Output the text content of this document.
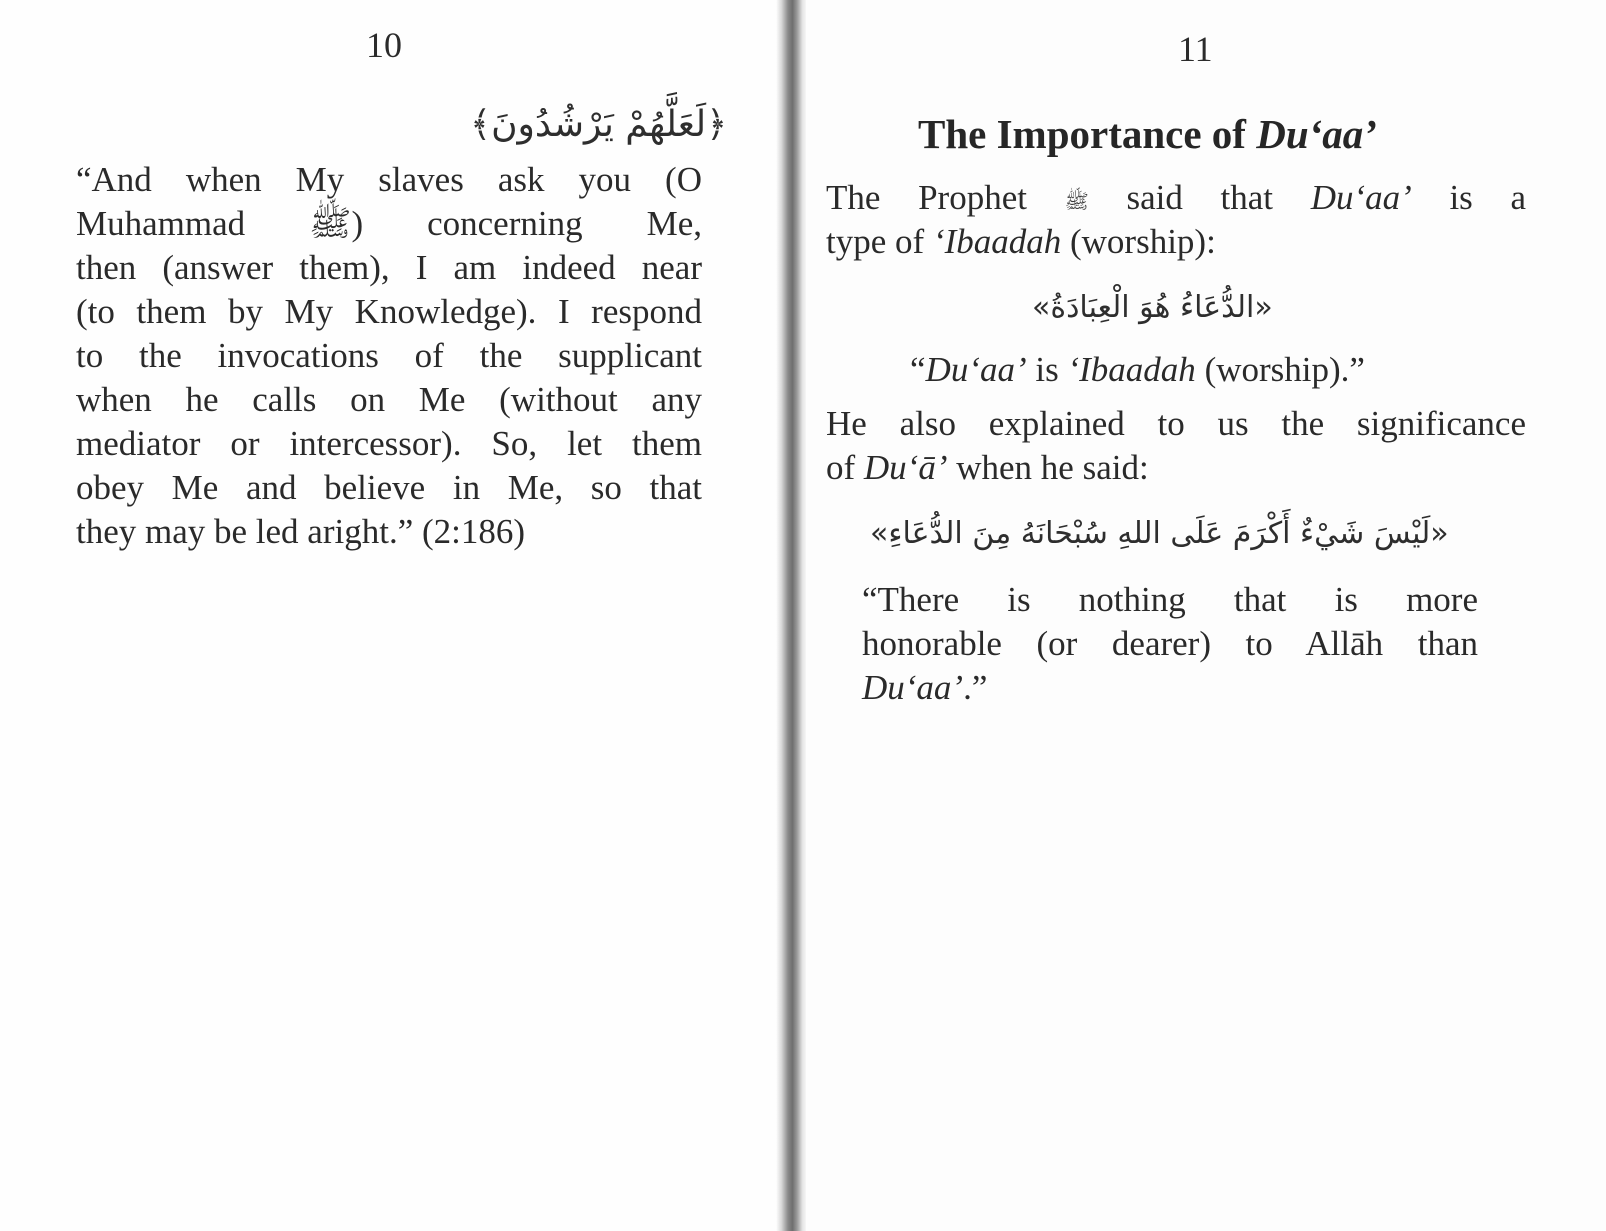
10
﴿لَعَلَّهُمْ يَرْشُدُونَ﴾
“And when My slaves ask you (O
Muhammad ﷺ) concerning Me,
then (answer them), I am indeed near
(to them by My Knowledge). I respond
to the invocations of the supplicant
when he calls on Me (without any
mediator or intercessor). So, let them
obey Me and believe in Me, so that
they may be led aright.” (2:186)
11
The Importance of Du‘aa’
The Prophet ﷺ said that Du‘aa’ is a
type of ‘Ibaadah (worship):
«الدُّعَاءُ هُوَ الْعِبَادَةُ»
“Du‘aa’ is ‘Ibaadah (worship).”
He also explained to us the significance
of Du‘ā’ when he said:
«لَيْسَ شَيْءٌ أَكْرَمَ عَلَى اللهِ سُبْحَانَهُ مِنَ الدُّعَاءِ»
“There is nothing that is more
honorable (or dearer) to Allāh than
Du‘aa’.”
